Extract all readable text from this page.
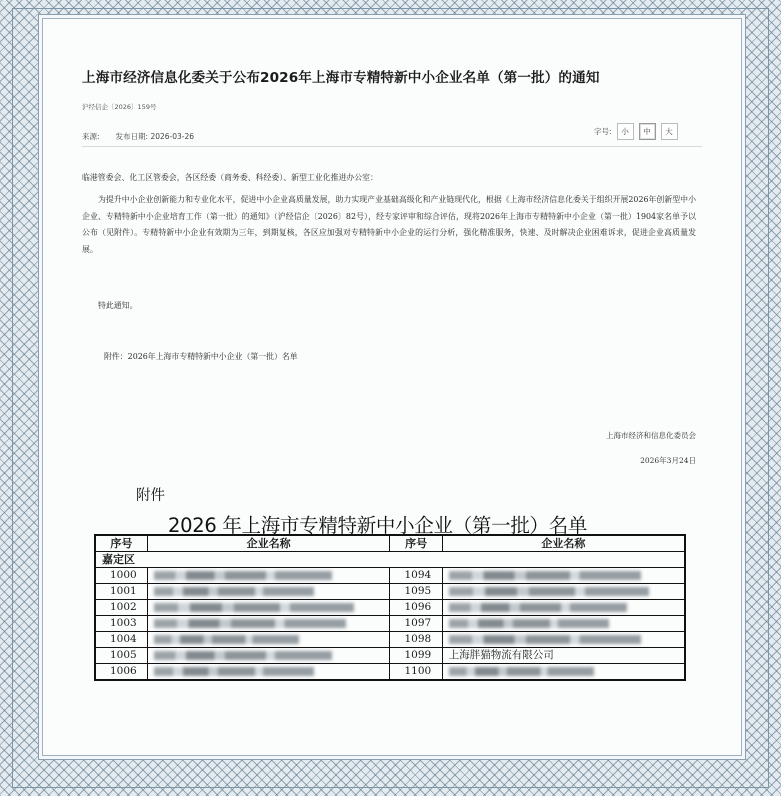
上海市经济信息化委关于公布2026年上海市专精特新中小企业名单（第一批）的通知
沪经信企〔2026〕159号
来源: 发布日期: 2026-03-26
字号:	小	中	大
临港管委会、化工区管委会，各区经委（商务委、科经委）、新型工业化推进办公室：
为提升中小企业创新能力和专业化水平，促进中小企业高质量发展，助力实现产业基础高级化和产业链现代化，根据《上海市经济信息化委关于组织开展2026年创新型中小企业、专精特新中小企业培育工作（第一批）的通知》（沪经信企〔2026〕82号），经专家评审和综合评估，现将2026年上海市专精特新中小企业（第一批）1904家名单予以公布（见附件）。专精特新中小企业有效期为三年，到期复核，各区应加强对专精特新中小企业的运行分析，强化精准服务，快速、及时解决企业困难诉求，促进企业高质量发展。
特此通知。
附件：2026年上海市专精特新中小企业（第一批）名单
上海市经济和信息化委员会
2026年3月24日
附件
2026 年上海市专精特新中小企业（第一批）名单
序号	企业名称	序号	企业名称
嘉定区			
1000		1094	
1001		1095	
1002		1096	
1003		1097	
1004		1098	
1005		1099	上海胖猫物流有限公司
1006		1100	
